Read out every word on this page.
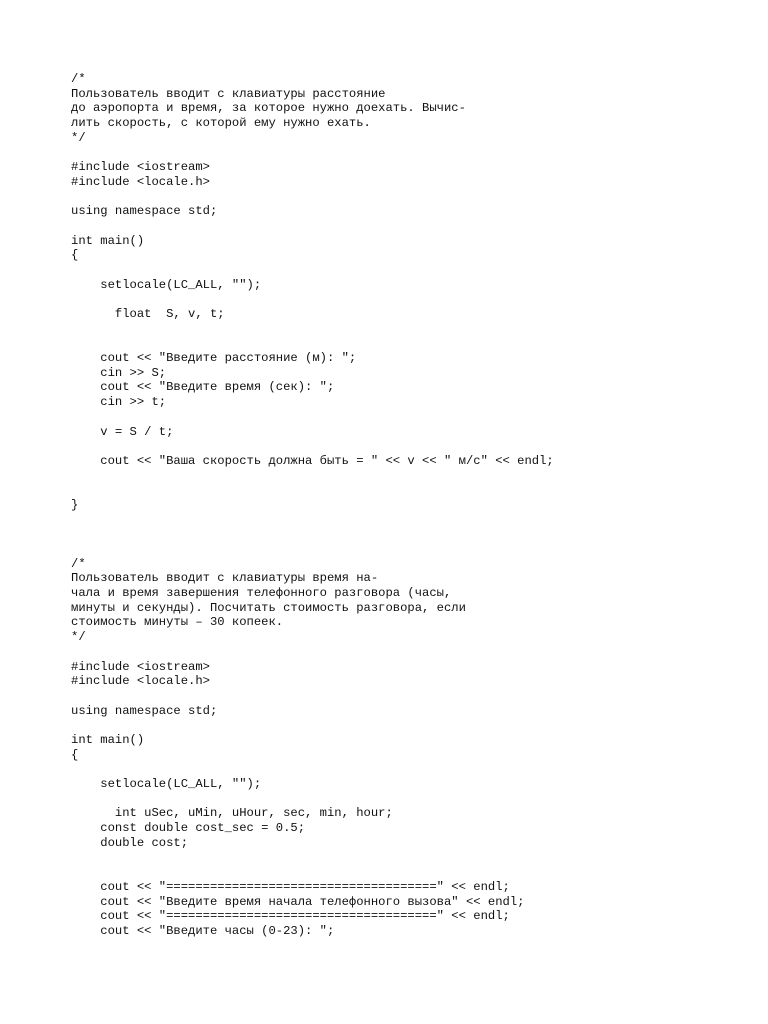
/*
Пользователь вводит с клавиатуры расстояние
до аэропорта и время, за которое нужно доехать. Вычис-
лить скорость, с которой ему нужно ехать.
*/
#include <iostream>
#include <locale.h>
using namespace std;
int main()
{
setlocale(LC_ALL, "");
float  S, v, t;
cout << "Введите расстояние (м): ";
cin >> S;
cout << "Введите время (сек): ";
cin >> t;
v = S / t;
cout << "Ваша скорость должна быть = " << v << " м/с" << endl;
}
/*
Пользователь вводит с клавиатуры время на-
чала и время завершения телефонного разговора (часы,
минуты и секунды). Посчитать стоимость разговора, если
стоимость минуты – 30 копеек.
*/
#include <iostream>
#include <locale.h>
using namespace std;
int main()
{
setlocale(LC_ALL, "");
int uSec, uMin, uHour, sec, min, hour;
const double cost_sec = 0.5;
double cost;
cout << "=====================================" << endl;
cout << "Введите время начала телефонного вызова" << endl;
cout << "=====================================" << endl;
cout << "Введите часы (0-23): ";
